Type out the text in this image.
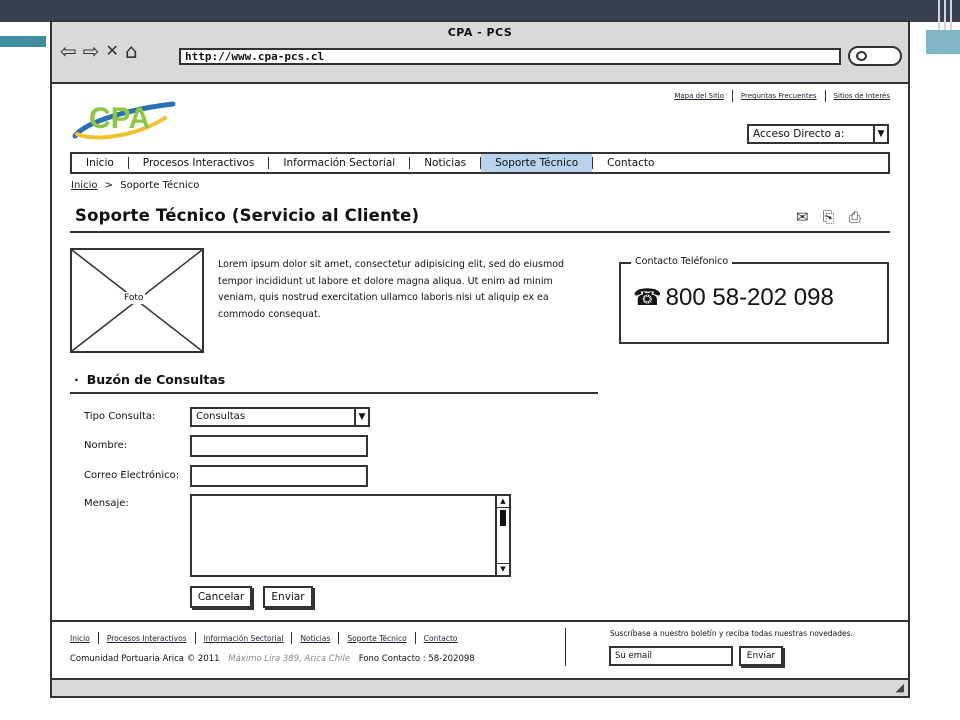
CPA - PCS
⇦ ⇨ ✕ ⌂	http://www.cpa-pcs.cl
CPA
Mapa del Sitio	Preguntas Frecuentes	Sitios de Interés
Acceso Directo a:	▼
Inicio	Procesos Interactivos	Información Sectorial	Noticias	Soporte Técnico	Contacto
Inicio > Soporte Técnico
Soporte Técnico (Servicio al Cliente)	✉ ⎘ ⎙
Foto
Lorem ipsum dolor sit amet, consectetur adipisicing elit, sed do eiusmod tempor incididunt ut labore et dolore magna aliqua. Ut enim ad minim veniam, quis nostrud exercitation ullamco laboris nisi ut aliquip ex ea commodo consequat.
Contacto Teléfonico
☎ 800 58-202 098
· Buzón de Consultas
Tipo Consulta:	Consultas	▼
Nombre:
Correo Electrónico:
Mensaje:	▲
▼
Cancelar	Enviar
Inicio	Procesos Interactivos	Información Sectorial	Noticias	Soporte Técnico	Contacto
Comunidad Portuaria Arica © 2011 Máximo Lira 389, Arica Chile Fono Contacto : 58-202098
Suscríbase a nuestro boletín y reciba todas nuestras novedades.
Su email	Enviar
◢
